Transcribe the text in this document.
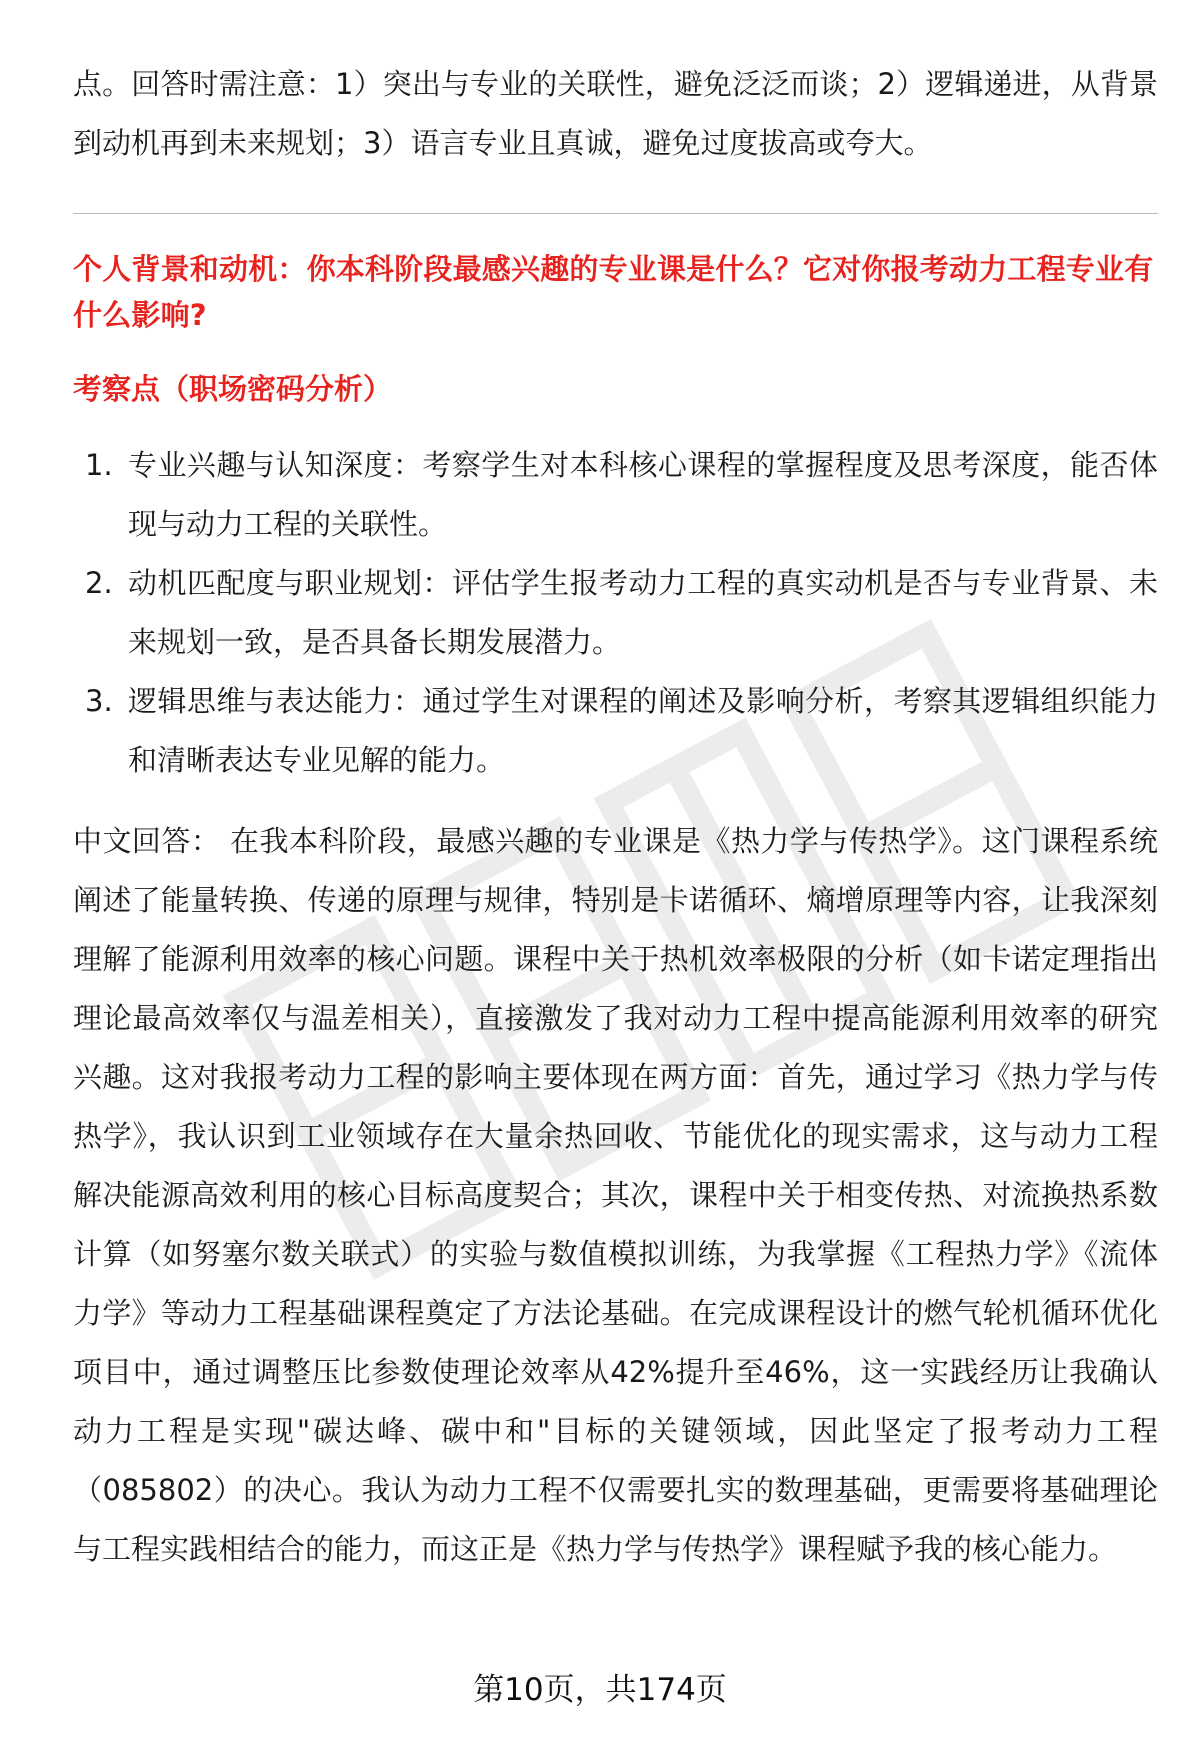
点。回答时需注意：1）突出与专业的关联性，避免泛泛而谈；2）逻辑递进，从背景到动机再到未来规划；3）语言专业且真诚，避免过度拔高或夸大。

个人背景和动机：你本科阶段最感兴趣的专业课是什么？它对你报考动力工程专业有什么影响?

考察点（职场密码分析）

1. 专业兴趣与认知深度：考察学生对本科核心课程的掌握程度及思考深度，能否体现与动力工程的关联性。
2. 动机匹配度与职业规划：评估学生报考动力工程的真实动机是否与专业背景、未来规划一致，是否具备长期发展潜力。
3. 逻辑思维与表达能力：通过学生对课程的阐述及影响分析，考察其逻辑组织能力和清晰表达专业见解的能力。

中文回答： 在我本科阶段，最感兴趣的专业课是《热力学与传热学》。这门课程系统阐述了能量转换、传递的原理与规律，特别是卡诺循环、熵增原理等内容，让我深刻理解了能源利用效率的核心问题。课程中关于热机效率极限的分析（如卡诺定理指出理论最高效率仅与温差相关），直接激发了我对动力工程中提高能源利用效率的研究兴趣。这对我报考动力工程的影响主要体现在两方面：首先，通过学习《热力学与传热学》，我认识到工业领域存在大量余热回收、节能优化的现实需求，这与动力工程解决能源高效利用的核心目标高度契合；其次，课程中关于相变传热、对流换热系数计算（如努塞尔数关联式）的实验与数值模拟训练，为我掌握《工程热力学》《流体力学》等动力工程基础课程奠定了方法论基础。在完成课程设计的燃气轮机循环优化项目中，通过调整压比参数使理论效率从42%提升至46%，这一实践经历让我确认动力工程是实现"碳达峰、碳中和"目标的关键领域，因此坚定了报考动力工程（085802）的决心。我认为动力工程不仅需要扎实的数理基础，更需要将基础理论与工程实践相结合的能力，而这正是《热力学与传热学》课程赋予我的核心能力。

第10页，共174页
